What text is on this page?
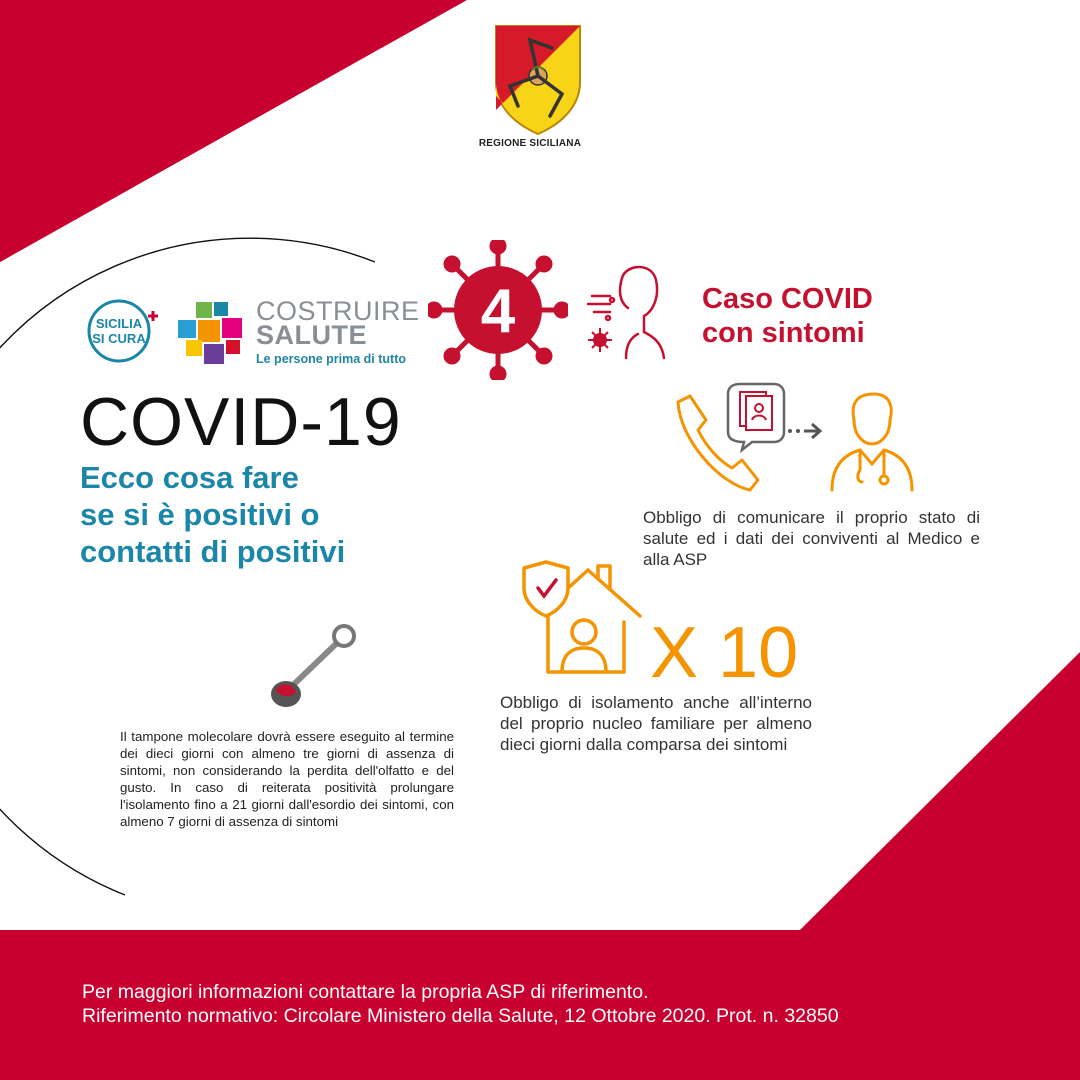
REGIONE SICILIANA
SICILIA
SI CURA
COSTRUIRE
SALUTE
Le persone prima di tutto
COVID-19
Ecco cosa fare
se si è positivi o
contatti di positivi
4	Caso COVID
con sintomi
Obbligo di comunicare il proprio stato di salute ed i dati dei conviventi al Medico e alla ASP
X 10
Obbligo di isolamento anche all’interno del proprio nucleo familiare per almeno dieci giorni dalla comparsa dei sintomi
Il tampone molecolare dovrà essere eseguito al termine dei dieci giorni con almeno tre giorni di assenza di sintomi, non considerando la perdita dell'olfatto e del gusto. In caso di reiterata positività prolungare l'isolamento fino a 21 giorni dall'esordio dei sintomi, con almeno 7 giorni di assenza di sintomi
Per maggiori informazioni contattare la propria ASP di riferimento.
Riferimento normativo: Circolare Ministero della Salute, 12 Ottobre 2020. Prot. n. 32850
